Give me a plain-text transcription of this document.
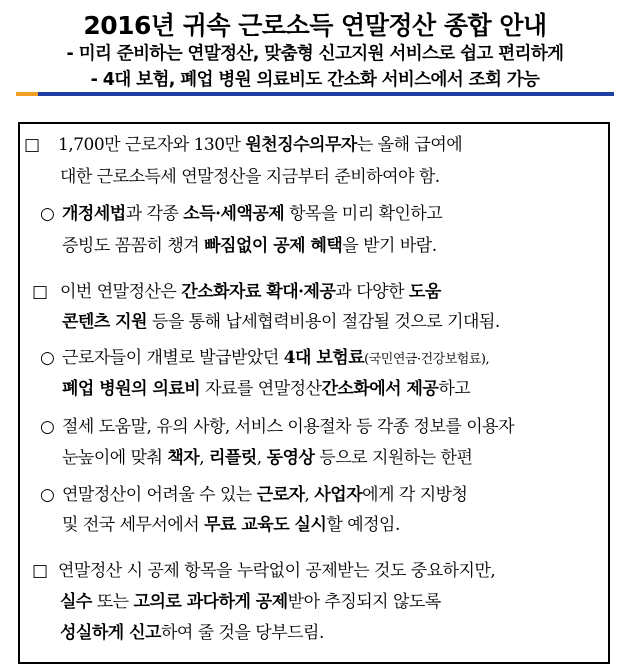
2016년 귀속 근로소득 연말정산 종합 안내
- 미리 준비하는 연말정산, 맞춤형 신고지원 서비스로 쉽고 편리하게
- 4대 보험, 폐업 병원 의료비도 간소화 서비스에서 조회 가능
□ 1,700만 근로자와 130만 원천징수의무자는 올해 급여에
대한 근로소득세 연말정산을 지금부터 준비하여야 함.
○ 개정세법과 각종 소득·세액공제 항목을 미리 확인하고
증빙도 꼼꼼히 챙겨 빠짐없이 공제 혜택을 받기 바람.
□ 이번 연말정산은 간소화자료 확대·제공과 다양한 도움
콘텐츠 지원 등을 통해 납세협력비용이 절감될 것으로 기대됨.
○ 근로자들이 개별로 발급받았던 4대 보험료(국민연금·건강보험료),
폐업 병원의 의료비 자료를 연말정산간소화에서 제공하고
○ 절세 도움말, 유의 사항, 서비스 이용절차 등 각종 정보를 이용자
눈높이에 맞춰 책자, 리플릿, 동영상 등으로 지원하는 한편
○ 연말정산이 어려울 수 있는 근로자, 사업자에게 각 지방청
및 전국 세무서에서 무료 교육도 실시할 예정임.
□ 연말정산 시 공제 항목을 누락없이 공제받는 것도 중요하지만,
실수 또는 고의로 과다하게 공제받아 추징되지 않도록
성실하게 신고하여 줄 것을 당부드림.
